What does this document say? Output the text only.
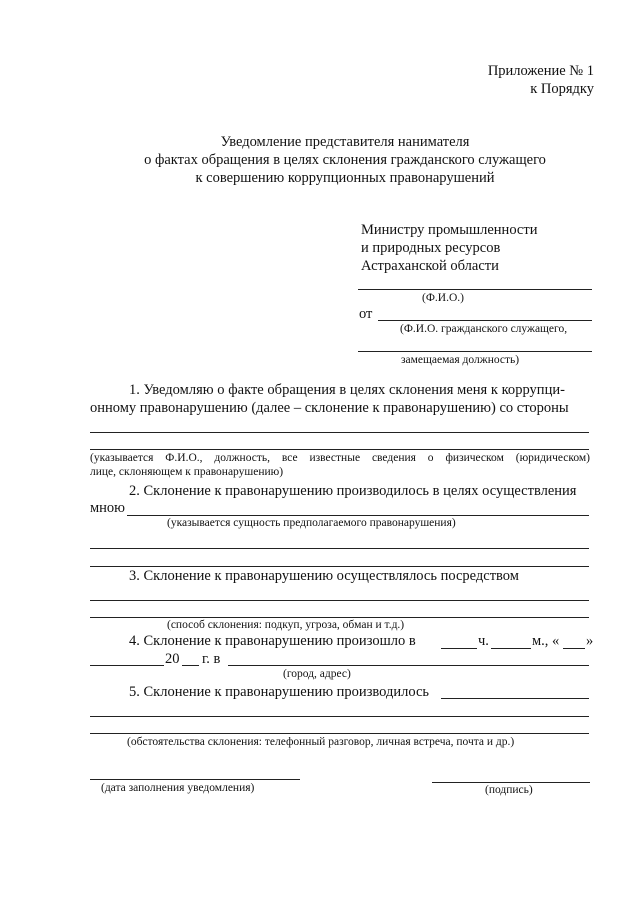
Приложение № 1
к Порядку
Уведомление представителя нанимателя
о фактах обращения в целях склонения гражданского служащего
к совершению коррупционных правонарушений
Министру промышленности
и природных ресурсов
Астраханской области
(Ф.И.О.)
от
(Ф.И.О. гражданского служащего,
замещаемая должность)
1. Уведомляю о факте обращения в целях склонения меня к коррупци-
онному правонарушению (далее – склонение к правонарушению) со стороны
(указывается Ф.И.О., должность, все известные сведения о физическом (юридическом)
лице, склоняющем к правонарушению)
2. Склонение к правонарушению производилось в целях осуществления
мною
(указывается сущность предполагаемого правонарушения)
3. Склонение к правонарушению осуществлялось посредством
(способ склонения: подкуп, угроза, обман и т.д.)
4. Склонение к правонарушению произошло в	ч.	м., « »
20 г. в
(город, адрес)
5. Склонение к правонарушению производилось
(обстоятельства склонения: телефонный разговор, личная встреча, почта и др.)
(дата заполнения уведомления)	(подпись)
